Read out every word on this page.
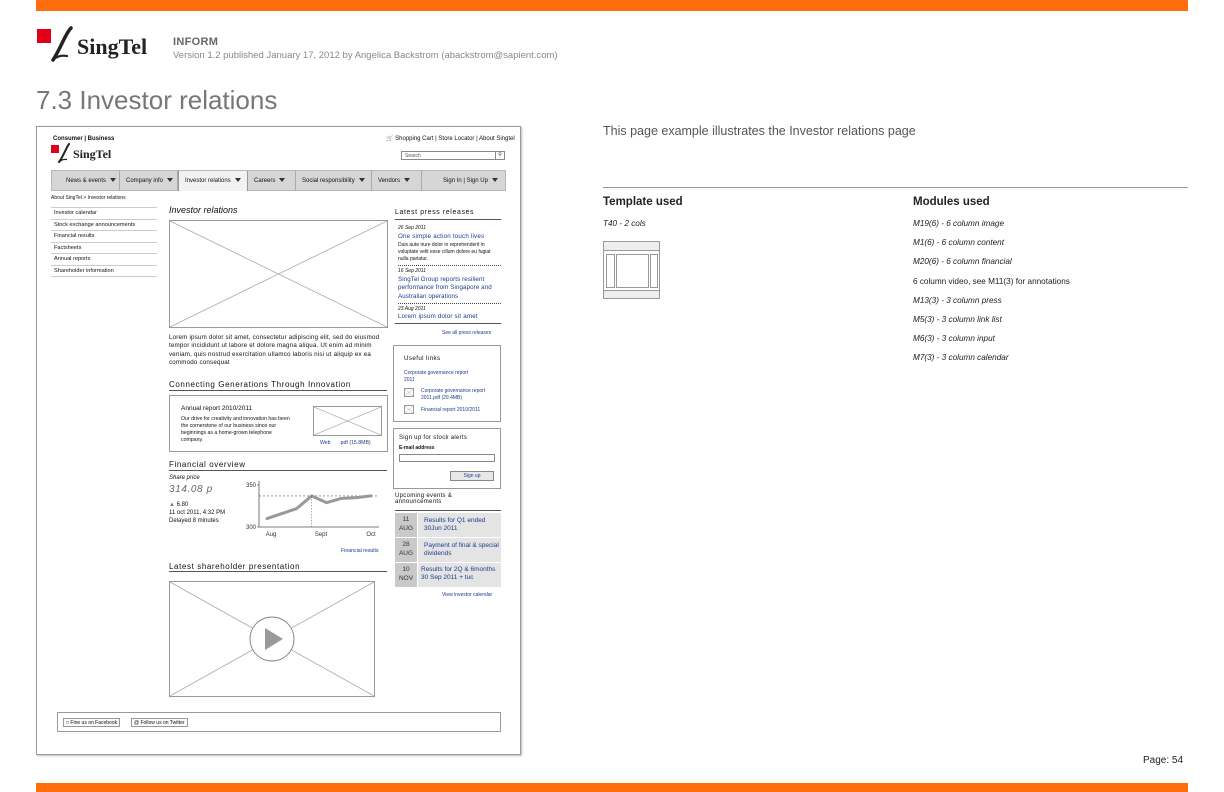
SingTel INFORM
Version 1.2 published January 17, 2012 by Angelica Backstrom (abackstrom@sapient.com)
7.3 Investor relations
Consumer | Business	🛒 Shopping Cart | Store Locator | About Singtel
SingTel	Search	⚲
News & events	Company info	Investor relations	Careers	Social responsibility	Vendors	Sign In | Sign Up
About SingTel > Investor relations
Investor calendar
Stock exchange announcements
Financial results
Factsheets
Annual reports
Shareholder information
Investor relations
Lorem ipsum dolor sit amet, consectetur adipiscing elit, sed do eiusmod tempor incididunt ut labore et dolore magna aliqua. Ut enim ad minim veniam, quis nostrud exercitation ullamco laboris nisi ut aliquip ex ea commodo consequat
Connecting Generations Through Innovation
Annual report 2010/2011
Our drive for creativity and innovation has been the cornerstone of our business since our beginnings as a home-grown telephone company.	Web      .pdf (15.8MB)
Financial overview
Share price
314.08 p
▲ 6.80
11 oct 2011, 4:32 PM
Delayed 8 minutes
300
350
Aug	Sept	Oct
Financial results
Latest shareholder presentation
Latest press releases
26 Sep 2011
One simple action touch lives
Duis aute irure dolor in reprehenderit in voluptate velit esse cillum dolore eu fugiat nulla pariatur.
16 Sep 2011
SingTel Group reports resilient performance from Singapore and Australian operations
23 Aug 2011
Lorem ipsum dolor sit amet
See all press releases
Useful links
Corporate governance report 2011
Corporate governance report 2011.pdf (29.4MB)
Financial report 2010/2011
Sign up for stock alerts
E-mail address
Sign up
Upcoming events & announcements
11
AUG
Results for Q1 ended 30Jun 2011
28
AUG
Payment of final & special dividends
10
NOV
Results for 2Q & 6months 30 Sep 2011 + tuc
View investor calendar
□ Fine us on Facebook	@ Follow us on Twitter
This page example illustrates the Investor relations page
Template used
T40 - 2 cols
Modules used
M19(6) - 6 column image
M1(6) - 6 column content
M20(6) - 6 column financial
6 column video, see M11(3) for annotations
M13(3) - 3 column press
M5(3) - 3 column link list
M6(3) - 3 column input
M7(3) - 3 column calendar
Page: 54
